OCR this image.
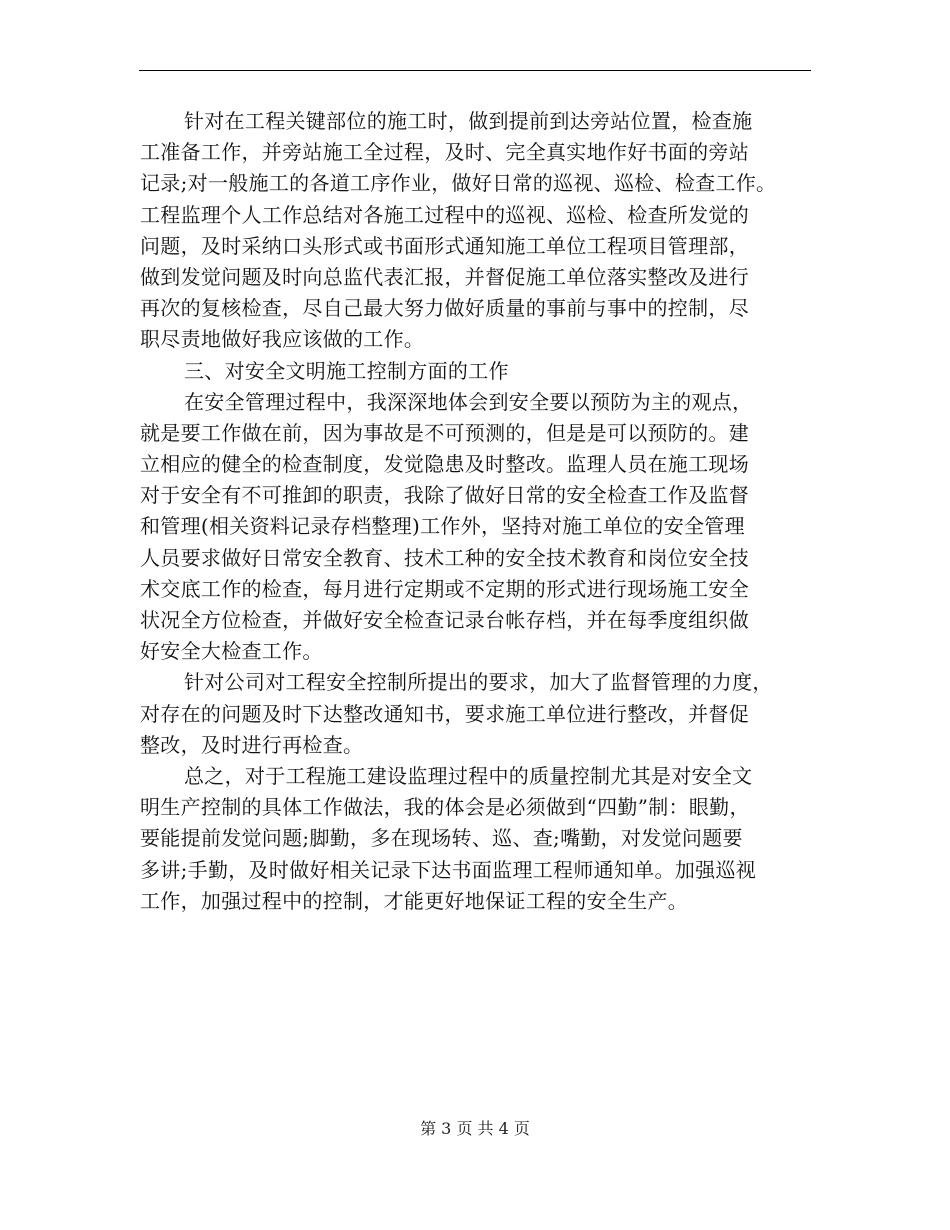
针对在工程关键部位的施工时，做到提前到达旁站位置，检查施
工准备工作，并旁站施工全过程，及时、完全真实地作好书面的旁站
记录;对一般施工的各道工序作业，做好日常的巡视、巡检、检查工作。
工程监理个人工作总结对各施工过程中的巡视、巡检、检查所发觉的
问题，及时采纳口头形式或书面形式通知施工单位工程项目管理部，
做到发觉问题及时向总监代表汇报，并督促施工单位落实整改及进行
再次的复核检查，尽自己最大努力做好质量的事前与事中的控制，尽
职尽责地做好我应该做的工作。
三、对安全文明施工控制方面的工作
在安全管理过程中，我深深地体会到安全要以预防为主的观点，
就是要工作做在前，因为事故是不可预测的，但是是可以预防的。建
立相应的健全的检查制度，发觉隐患及时整改。监理人员在施工现场
对于安全有不可推卸的职责，我除了做好日常的安全检查工作及监督
和管理(相关资料记录存档整理)工作外，坚持对施工单位的安全管理
人员要求做好日常安全教育、技术工种的安全技术教育和岗位安全技
术交底工作的检查，每月进行定期或不定期的形式进行现场施工安全
状况全方位检查，并做好安全检查记录台帐存档，并在每季度组织做
好安全大检查工作。
针对公司对工程安全控制所提出的要求，加大了监督管理的力度，
对存在的问题及时下达整改通知书，要求施工单位进行整改，并督促
整改，及时进行再检查。
总之，对于工程施工建设监理过程中的质量控制尤其是对安全文
明生产控制的具体工作做法，我的体会是必须做到“四勤”制：眼勤，
要能提前发觉问题;脚勤，多在现场转、巡、查;嘴勤，对发觉问题要
多讲;手勤，及时做好相关记录下达书面监理工程师通知单。加强巡视
工作，加强过程中的控制，才能更好地保证工程的安全生产。
第 3 页 共 4 页
